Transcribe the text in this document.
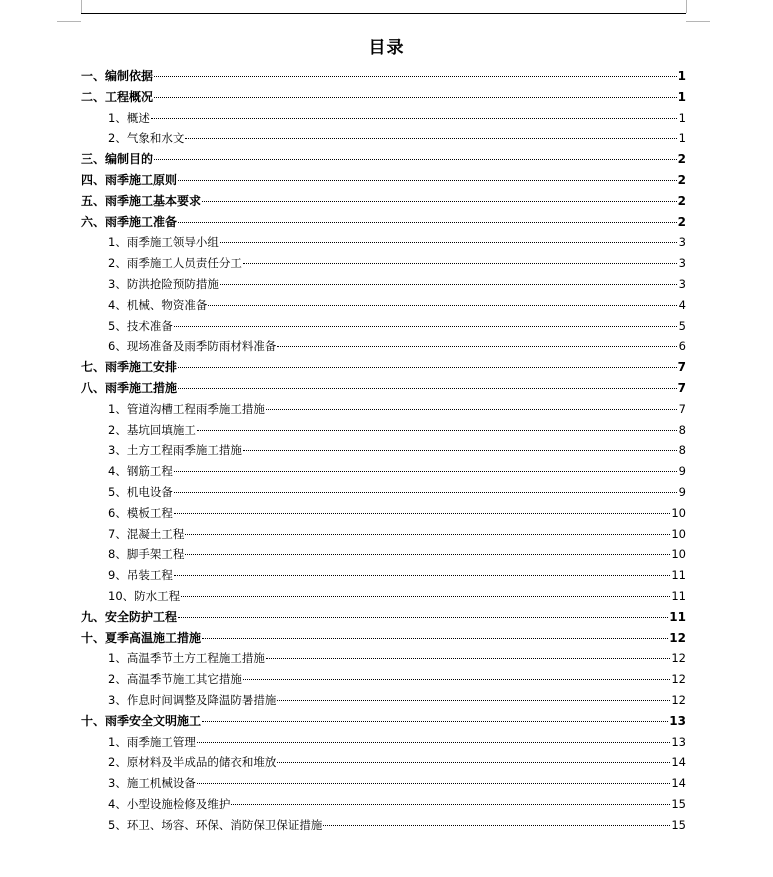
目录
一、编制依据	1
二、工程概况	1
1、概述	1
2、气象和水文	1
三、编制目的	2
四、雨季施工原则	2
五、雨季施工基本要求	2
六、雨季施工准备	2
1、雨季施工领导小组	3
2、雨季施工人员责任分工	3
3、防洪抢险预防措施	3
4、机械、物资准备	4
5、技术准备	5
6、现场准备及雨季防雨材料准备	6
七、雨季施工安排	7
八、雨季施工措施	7
1、管道沟槽工程雨季施工措施	7
2、基坑回填施工	8
3、土方工程雨季施工措施	8
4、钢筋工程	9
5、机电设备	9
6、模板工程	10
7、混凝土工程	10
8、脚手架工程	10
9、吊装工程	11
10、防水工程	11
九、安全防护工程	11
十、夏季高温施工措施	12
1、高温季节土方工程施工措施	12
2、高温季节施工其它措施	12
3、作息时间调整及降温防暑措施	12
十、雨季安全文明施工	13
1、雨季施工管理	13
2、原材料及半成品的储衣和堆放	14
3、施工机械设备	14
4、小型设施检修及维护	15
5、环卫、场容、环保、消防保卫保证措施	15
